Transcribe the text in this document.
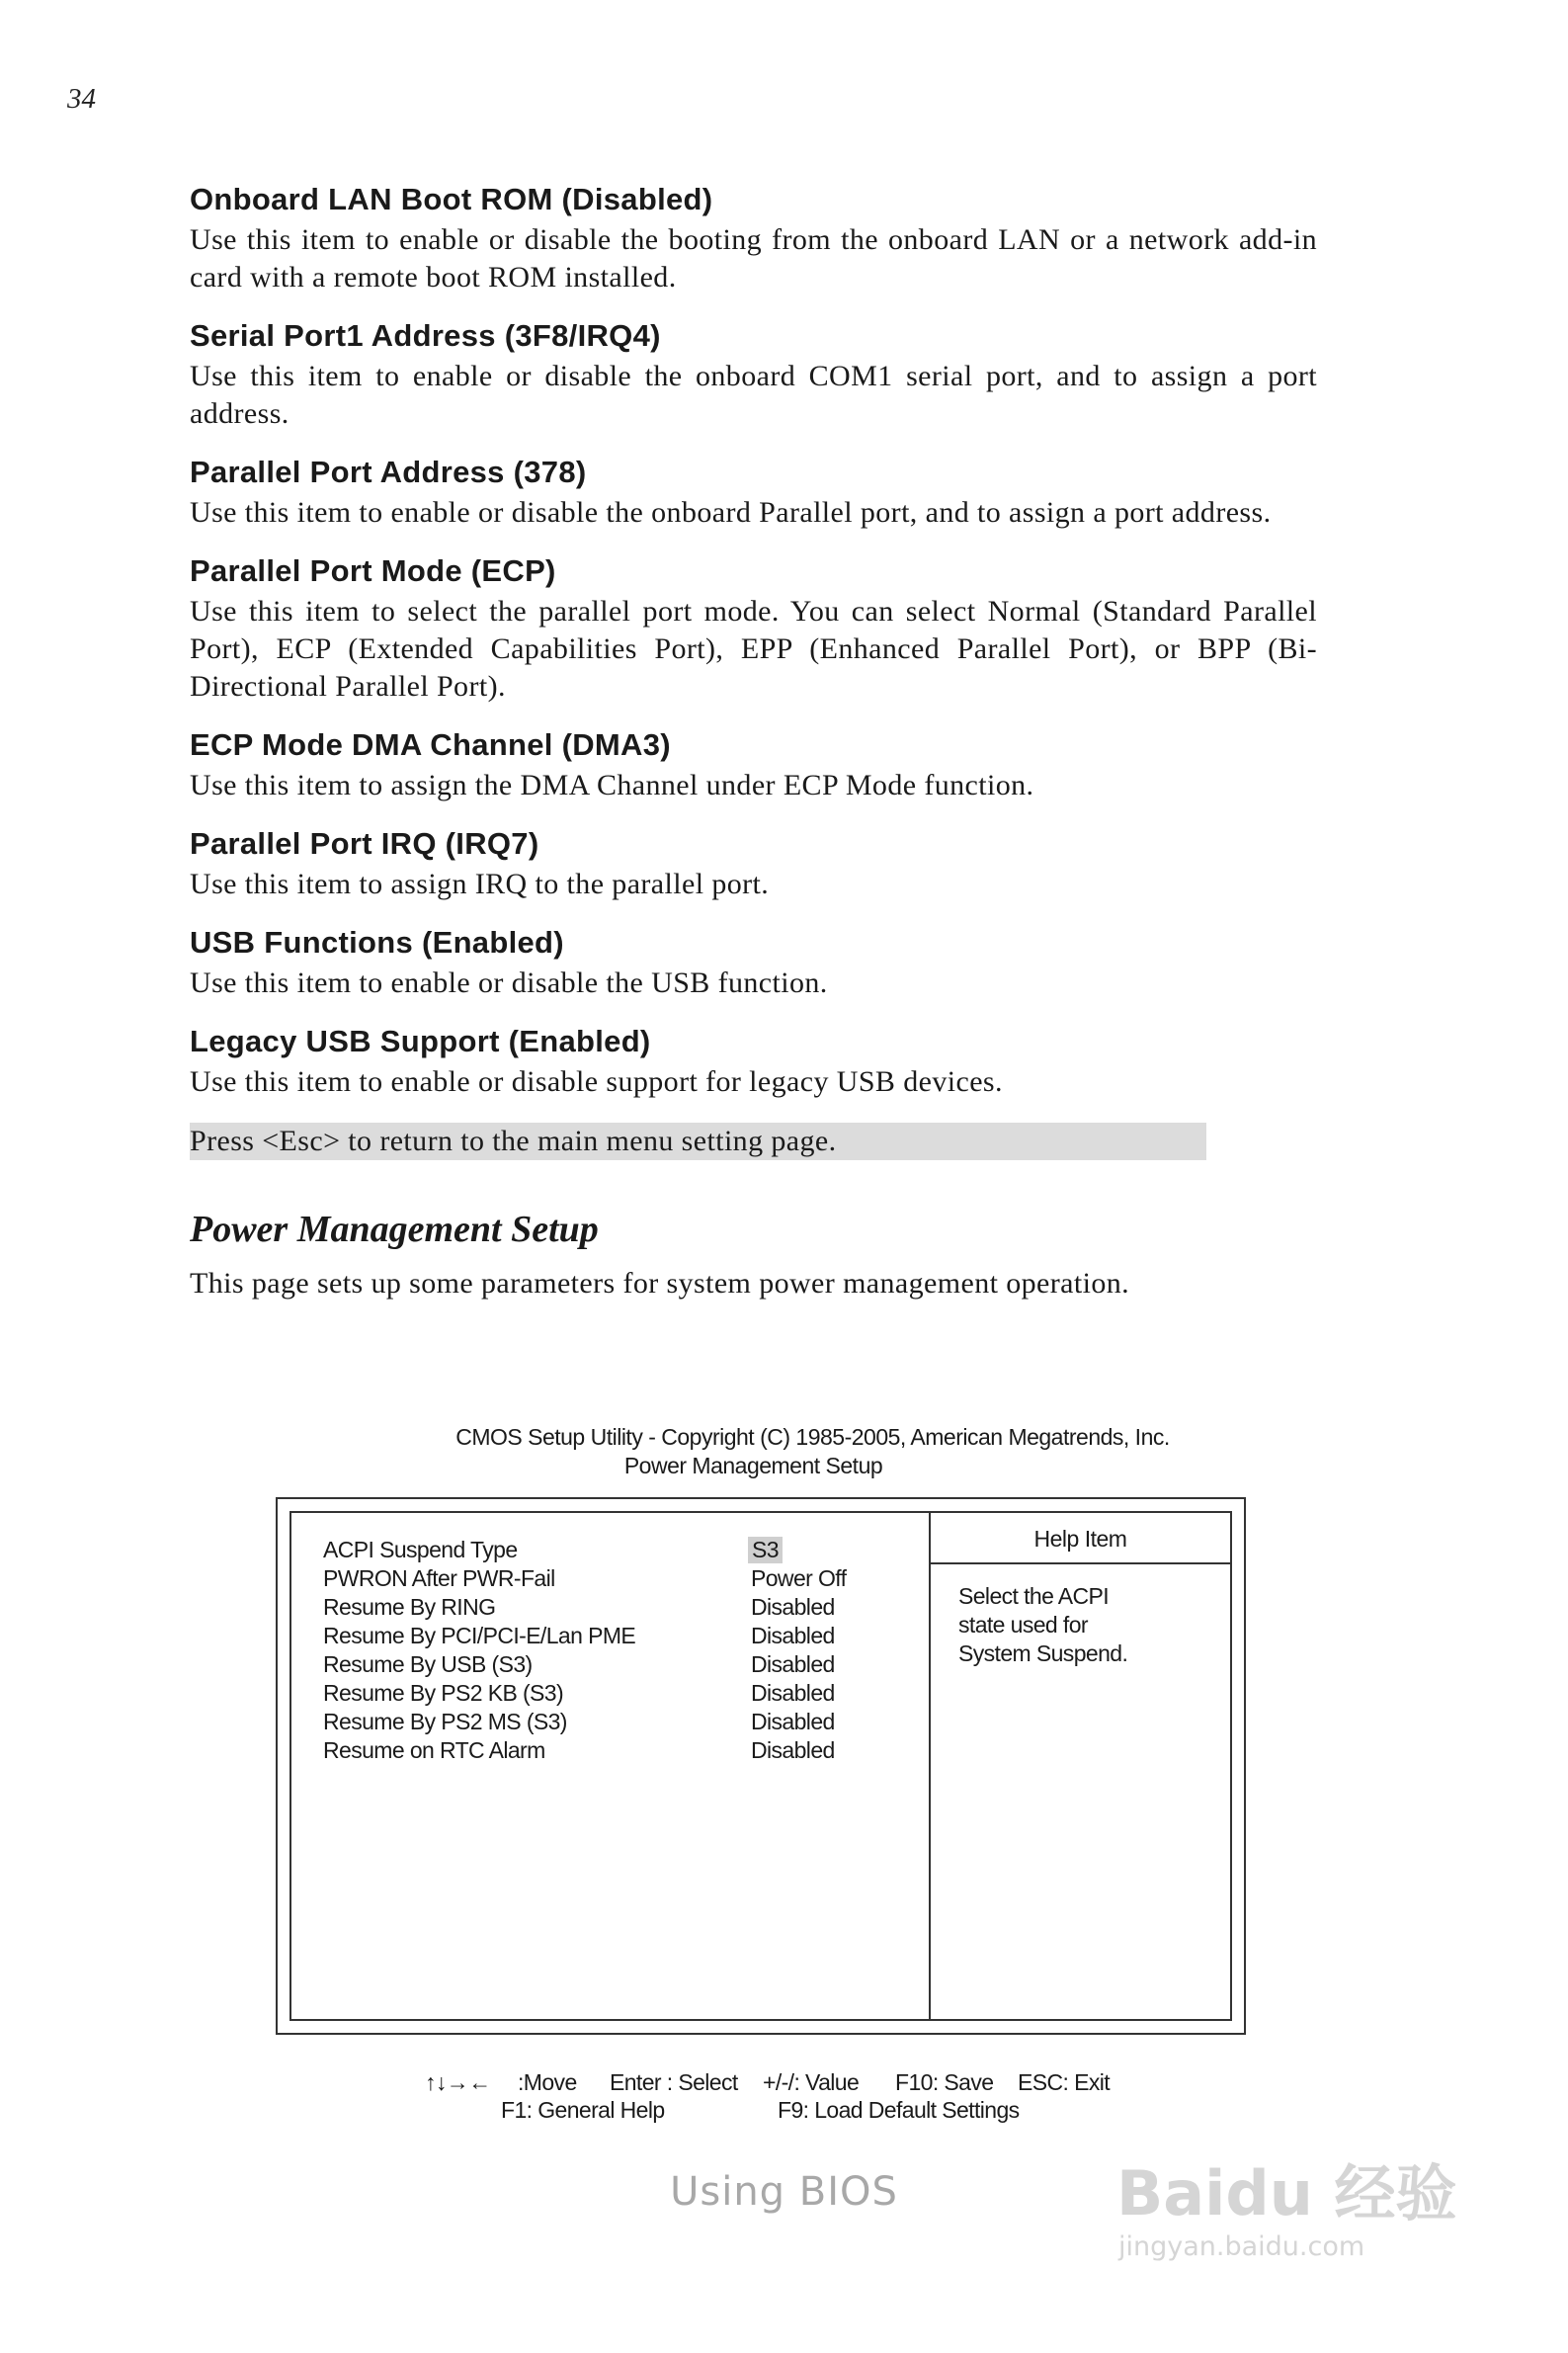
34
Onboard LAN Boot ROM (Disabled)

Use this item to enable or disable the booting from the onboard LAN or a network add-in card with a remote boot ROM installed.

Serial Port1 Address (3F8/IRQ4)

Use this item to enable or disable the onboard COM1 serial port, and to assign a port address.

Parallel Port Address (378)

Use this item to enable or disable the onboard Parallel port, and to assign a port address.

Parallel Port Mode (ECP)

Use this item to select the parallel port mode. You can select Normal (Standard Parallel Port), ECP (Extended Capabilities Port), EPP (Enhanced Parallel Port), or BPP (Bi-Directional Parallel Port).

ECP Mode DMA Channel (DMA3)

Use this item to assign the DMA Channel under ECP Mode function.

Parallel Port IRQ (IRQ7)

Use this item to assign IRQ to the parallel port.

USB Functions (Enabled)

Use this item to enable or disable the USB function.

Legacy USB Support (Enabled)

Use this item to enable or disable support for legacy USB devices.

Press <Esc> to return to the main menu setting page.
Power Management Setup
This page sets up some parameters for system power management operation.
CMOS Setup Utility - Copyright (C) 1985-2005, American Megatrends, Inc.
Power Management Setup
ACPI Suspend Type	S3
PWRON After PWR-Fail	Power Off
Resume By RING	Disabled
Resume By PCI/PCI-E/Lan PME	Disabled
Resume By USB (S3)	Disabled
Resume By PS2 KB (S3)	Disabled
Resume By PS2 MS (S3)	Disabled
Resume on RTC Alarm	Disabled
Help Item
Select the ACPI state used for System Suspend.
↑↓→← :Move Enter : Select +/-/: Value F10: Save ESC: Exit
F1: General Help	F9: Load Default Settings
Using BIOS	Baidu 经验
jingyan.baidu.com
